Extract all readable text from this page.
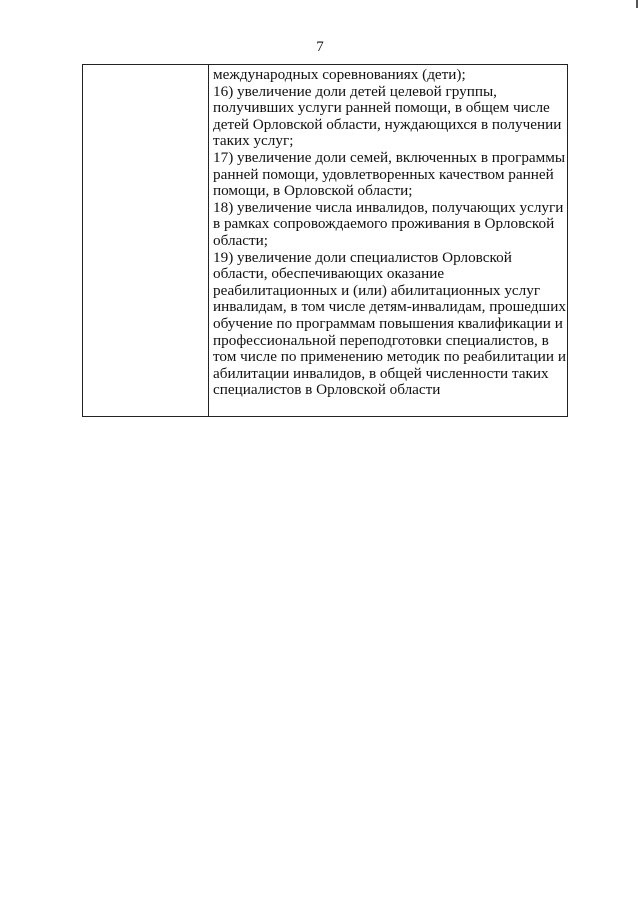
7
международных соревнованиях (дети);
16) увеличение доли детей целевой группы,
получивших услуги ранней помощи, в общем числе
детей Орловской области, нуждающихся в получении
таких услуг;
17) увеличение доли семей, включенных в программы
ранней помощи, удовлетворенных качеством ранней
помощи, в Орловской области;
18) увеличение числа инвалидов, получающих услуги
в рамках сопровождаемого проживания в Орловской
области;
19) увеличение доли специалистов Орловской
области, обеспечивающих оказание
реабилитационных и (или) абилитационных услуг
инвалидам, в том числе детям-инвалидам, прошедших
обучение по программам повышения квалификации и
профессиональной переподготовки специалистов, в
том числе по применению методик по реабилитации и
абилитации инвалидов, в общей численности таких
специалистов в Орловской области
